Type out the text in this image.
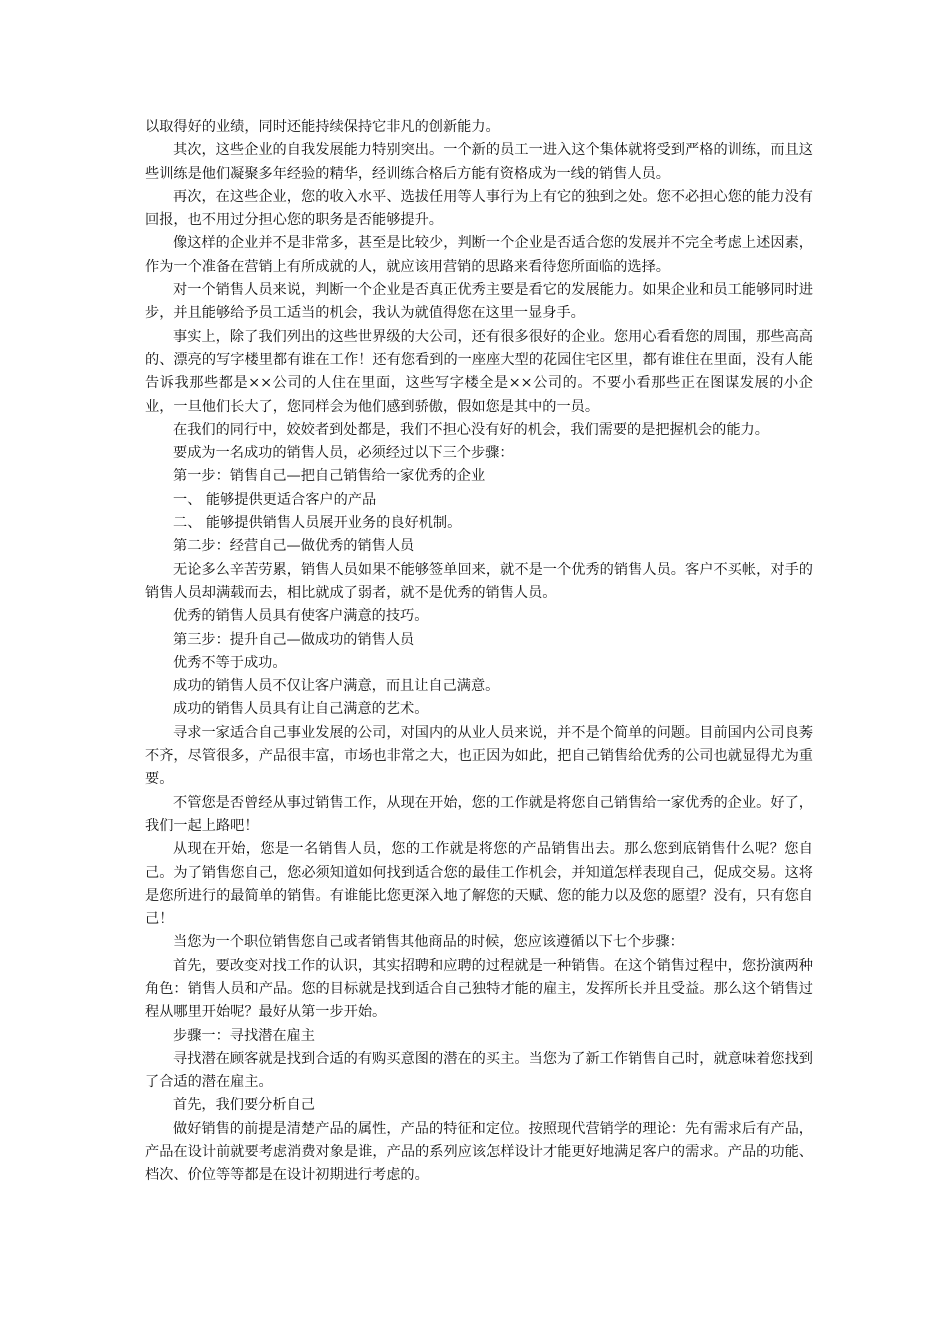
以取得好的业绩，同时还能持续保持它非凡的创新能力。

其次，这些企业的自我发展能力特别突出。一个新的员工一进入这个集体就将受到严格的训练，而且这些训练是他们凝聚多年经验的精华，经训练合格后方能有资格成为一线的销售人员。

再次，在这些企业，您的收入水平、选拔任用等人事行为上有它的独到之处。您不必担心您的能力没有回报，也不用过分担心您的职务是否能够提升。

像这样的企业并不是非常多，甚至是比较少，判断一个企业是否适合您的发展并不完全考虑上述因素，作为一个准备在营销上有所成就的人，就应该用营销的思路来看待您所面临的选择。

对一个销售人员来说，判断一个企业是否真正优秀主要是看它的发展能力。如果企业和员工能够同时进步，并且能够给予员工适当的机会，我认为就值得您在这里一显身手。

事实上，除了我们列出的这些世界级的大公司，还有很多很好的企业。您用心看看您的周围，那些高高的、漂亮的写字楼里都有谁在工作！还有您看到的一座座大型的花园住宅区里，都有谁住在里面，没有人能告诉我那些都是××公司的人住在里面，这些写字楼全是××公司的。不要小看那些正在图谋发展的小企业，一旦他们长大了，您同样会为他们感到骄傲，假如您是其中的一员。

在我们的同行中，姣姣者到处都是，我们不担心没有好的机会，我们需要的是把握机会的能力。

要成为一名成功的销售人员，必须经过以下三个步骤：

第一步：销售自己—把自己销售给一家优秀的企业

一、 能够提供更适合客户的产品

二、 能够提供销售人员展开业务的良好机制。

第二步：经营自己—做优秀的销售人员

无论多么辛苦劳累，销售人员如果不能够签单回来，就不是一个优秀的销售人员。客户不买帐，对手的销售人员却满载而去，相比就成了弱者，就不是优秀的销售人员。

优秀的销售人员具有使客户满意的技巧。

第三步：提升自己—做成功的销售人员

优秀不等于成功。

成功的销售人员不仅让客户满意，而且让自己满意。

成功的销售人员具有让自己满意的艺术。

寻求一家适合自己事业发展的公司，对国内的从业人员来说，并不是个简单的问题。目前国内公司良莠不齐，尽管很多，产品很丰富，市场也非常之大，也正因为如此，把自己销售给优秀的公司也就显得尤为重要。

不管您是否曾经从事过销售工作，从现在开始，您的工作就是将您自己销售给一家优秀的企业。好了，我们一起上路吧！

从现在开始，您是一名销售人员，您的工作就是将您的产品销售出去。那么您到底销售什么呢？您自己。为了销售您自己，您必须知道如何找到适合您的最佳工作机会，并知道怎样表现自己，促成交易。这将是您所进行的最简单的销售。有谁能比您更深入地了解您的天赋、您的能力以及您的愿望？没有，只有您自己！

当您为一个职位销售您自己或者销售其他商品的时候，您应该遵循以下七个步骤：

首先，要改变对找工作的认识，其实招聘和应聘的过程就是一种销售。在这个销售过程中，您扮演两种角色：销售人员和产品。您的目标就是找到适合自己独特才能的雇主，发挥所长并且受益。那么这个销售过程从哪里开始呢？最好从第一步开始。

步骤一：寻找潜在雇主

寻找潜在顾客就是找到合适的有购买意图的潜在的买主。当您为了新工作销售自己时，就意味着您找到了合适的潜在雇主。

首先，我们要分析自己

做好销售的前提是清楚产品的属性，产品的特征和定位。按照现代营销学的理论：先有需求后有产品，产品在设计前就要考虑消费对象是谁，产品的系列应该怎样设计才能更好地满足客户的需求。产品的功能、档次、价位等等都是在设计初期进行考虑的。
